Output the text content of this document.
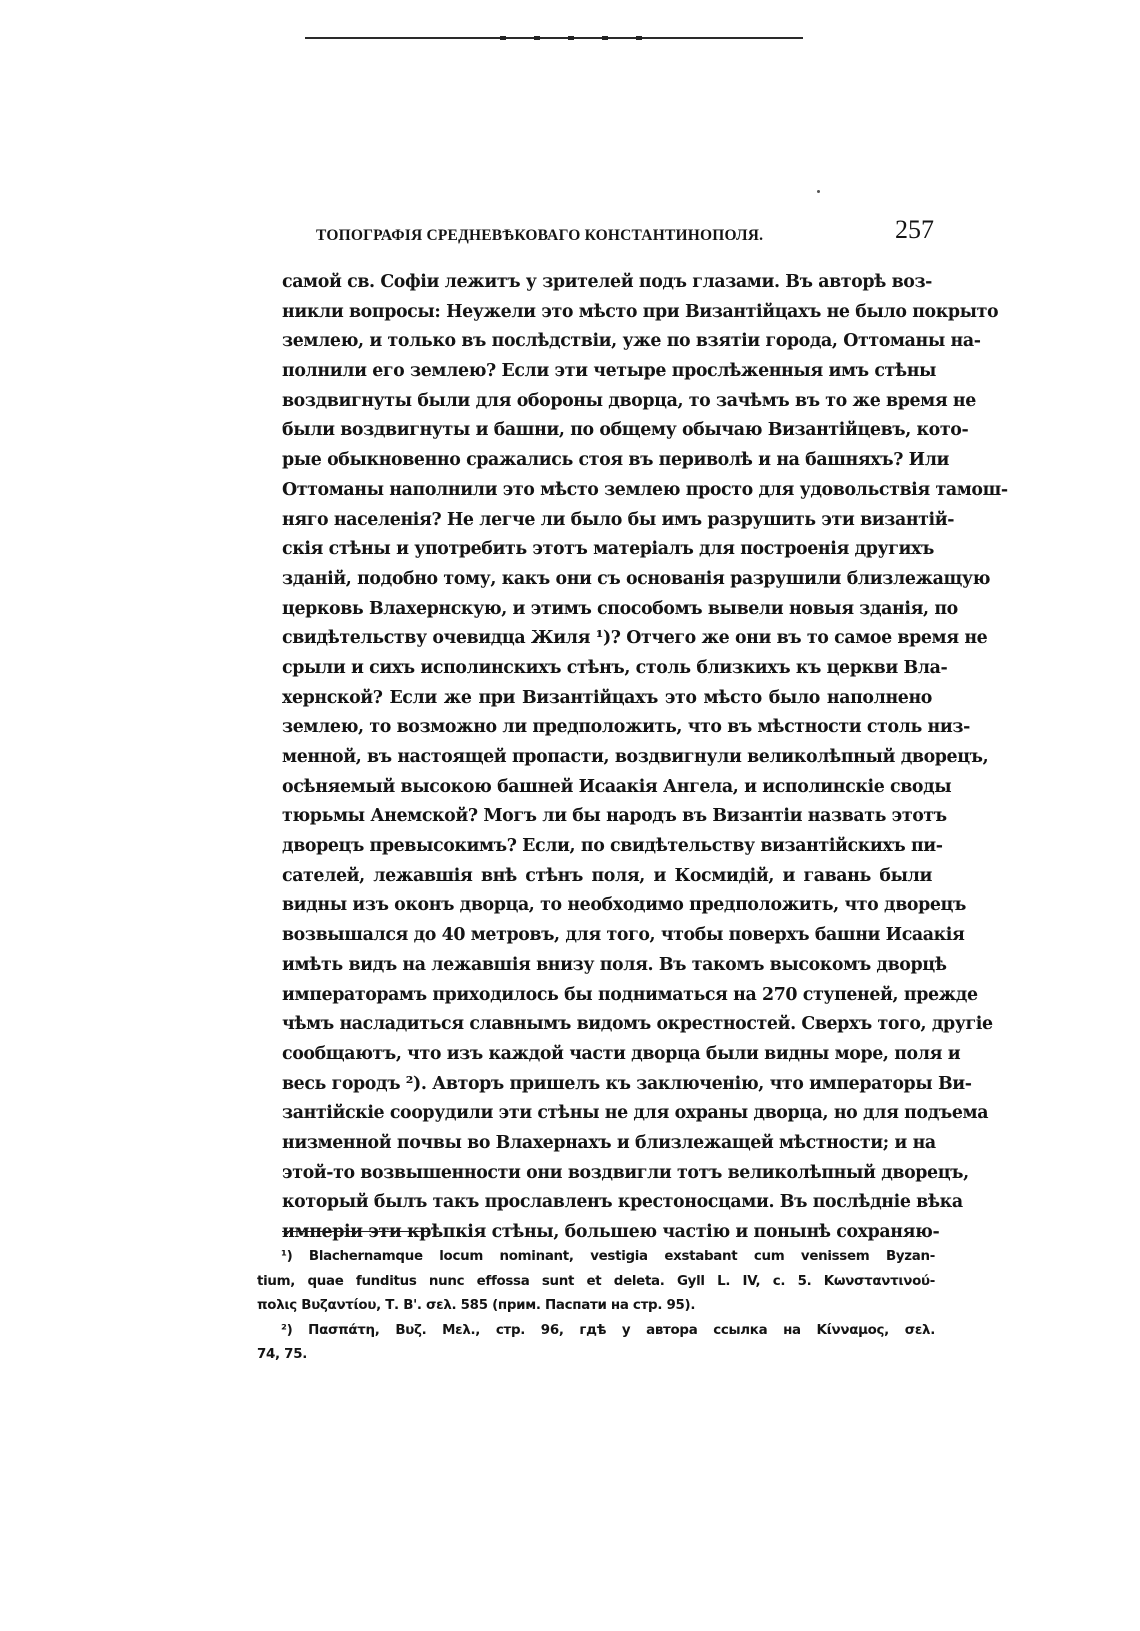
ТОПОГРАФІЯ СРЕДНЕВѢКОВАГО КОНСТАНТИНОПОЛЯ.	257
самой св. Софіи лежитъ у зрителей подъ глазами. Въ авторѣ воз-
никли вопросы: Неужели это мѣсто при Византійцахъ не было покрыто
землею, и только въ послѣдствіи, уже по взятіи города, Оттоманы на-
полнили его землею? Если эти четыре прослѣженныя имъ стѣны
воздвигнуты были для обороны дворца, то зачѣмъ въ то же время не
были воздвигнуты и башни, по общему обычаю Византійцевъ, кото-
рые обыкновенно сражались стоя въ периволѣ и на башняхъ? Или
Оттоманы наполнили это мѣсто землею просто для удовольствія тамош-
няго населенія? Не легче ли было бы имъ разрушить эти византій-
скія стѣны и употребить этотъ матеріалъ для построенія другихъ
зданій, подобно тому, какъ они съ основанія разрушили близлежащую
церковь Влахернскую, и этимъ способомъ вывели новыя зданія, по
свидѣтельству очевидца Жиля ¹)? Отчего же они въ то самое время не
срыли и сихъ исполинскихъ стѣнъ, столь близкихъ къ церкви Вла-
хернской? Если же при Византійцахъ это мѣсто было наполнено
землею, то возможно ли предположить, что въ мѣстности столь низ-
менной, въ настоящей пропасти, воздвигнули великолѣпный дворецъ,
осѣняемый высокою башней Исаакія Ангела, и исполинскіе своды
тюрьмы Анемской? Могъ ли бы народъ въ Византіи назвать этотъ
дворецъ превысокимъ? Если, по свидѣтельству византійскихъ пи-
сателей, лежавшія внѣ стѣнъ поля, и Космидій, и гавань были
видны изъ оконъ дворца, то необходимо предположить, что дворецъ
возвышался до 40 метровъ, для того, чтобы поверхъ башни Исаакія
имѣть видъ на лежавшія внизу поля. Въ такомъ высокомъ дворцѣ
императорамъ приходилось бы подниматься на 270 ступеней, прежде
чѣмъ насладиться славнымъ видомъ окрестностей. Сверхъ того, другіе
сообщаютъ, что изъ каждой части дворца были видны море, поля и
весь городъ ²). Авторъ пришелъ къ заключенію, что императоры Ви-
зантійскіе соорудили эти стѣны не для охраны дворца, но для подъема
низменной почвы во Влахернахъ и близлежащей мѣстности; и на
этой-то возвышенности они воздвигли тотъ великолѣпный дворецъ,
который былъ такъ прославленъ крестоносцами. Въ послѣдніе вѣка
имперіи эти крѣпкія стѣны, большею частію и понынѣ сохраняю-
¹) Blachernamque locum nominant, vestigia exstabant cum venissem Byzan-
tium, quae funditus nunc effossa sunt et deleta. Gyll L. IV, c. 5. Κωνσταντινού-
πολις Βυζαντίου, Τ. Β'. σελ. 585 (прим. Паспати на стр. 95).
²) Πασπάτη, Βυζ. Μελ., стр. 96, гдѣ у автора ссылка на Κίνναμος, σελ.
74, 75.
